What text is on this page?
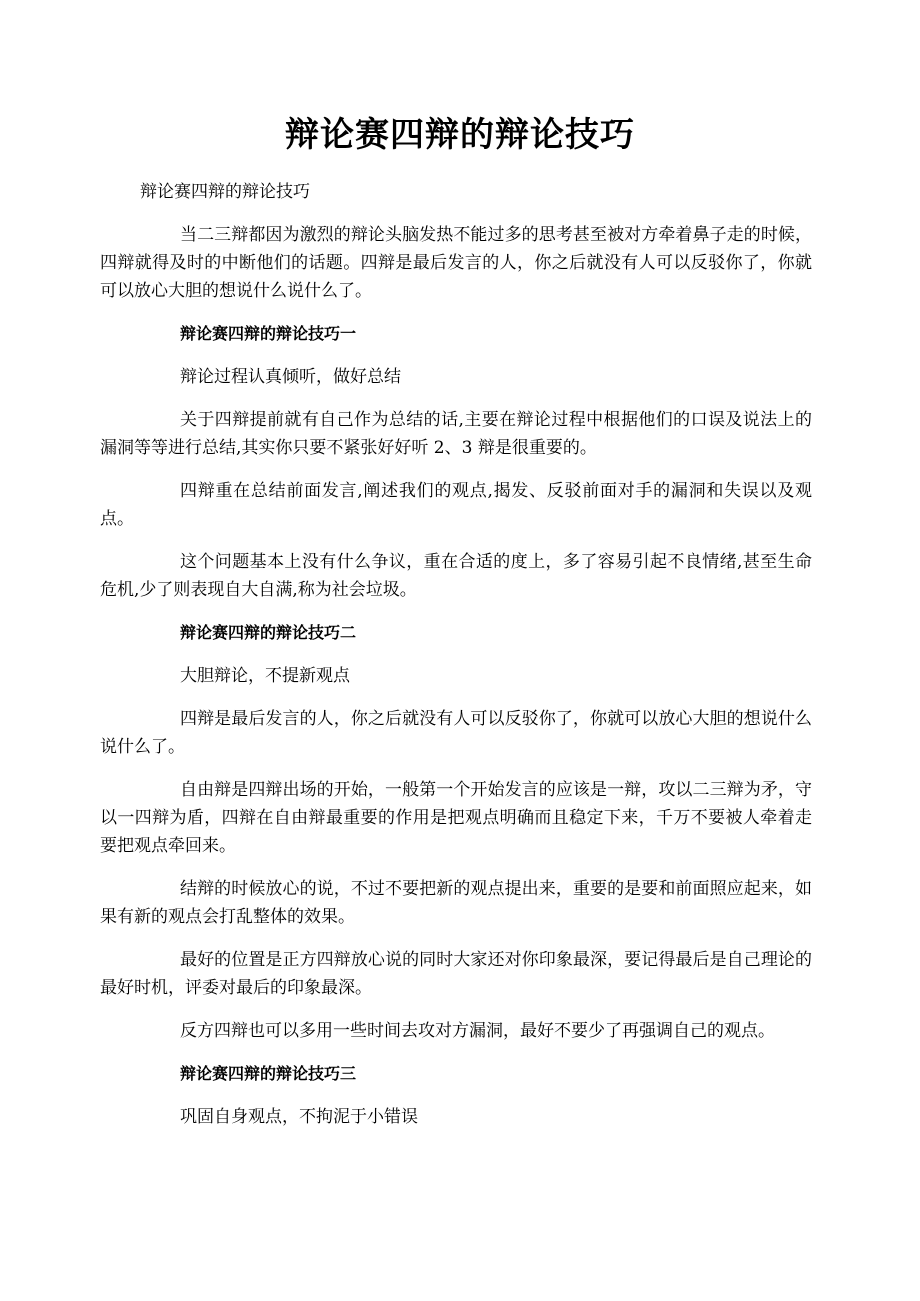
辩论赛四辩的辩论技巧

辩论赛四辩的辩论技巧

当二三辩都因为激烈的辩论头脑发热不能过多的思考甚至被对方牵着鼻子走的时候，四辩就得及时的中断他们的话题。四辩是最后发言的人，你之后就没有人可以反驳你了，你就可以放心大胆的想说什么说什么了。

辩论赛四辩的辩论技巧一

辩论过程认真倾听，做好总结

关于四辩提前就有自己作为总结的话,主要在辩论过程中根据他们的口误及说法上的漏洞等等进行总结,其实你只要不紧张好好听 2、3 辩是很重要的。

四辩重在总结前面发言,阐述我们的观点,揭发、反驳前面对手的漏洞和失误以及观点。

这个问题基本上没有什么争议，重在合适的度上，多了容易引起不良情绪,甚至生命危机,少了则表现自大自满,称为社会垃圾。

辩论赛四辩的辩论技巧二

大胆辩论，不提新观点

四辩是最后发言的人，你之后就没有人可以反驳你了，你就可以放心大胆的想说什么说什么了。

自由辩是四辩出场的开始，一般第一个开始发言的应该是一辩，攻以二三辩为矛，守以一四辩为盾，四辩在自由辩最重要的作用是把观点明确而且稳定下来，千万不要被人牵着走要把观点牵回来。

结辩的时候放心的说，不过不要把新的观点提出来，重要的是要和前面照应起来，如果有新的观点会打乱整体的效果。

最好的位置是正方四辩放心说的同时大家还对你印象最深，要记得最后是自己理论的最好时机，评委对最后的印象最深。

反方四辩也可以多用一些时间去攻对方漏洞，最好不要少了再强调自己的观点。

辩论赛四辩的辩论技巧三

巩固自身观点，不拘泥于小错误
